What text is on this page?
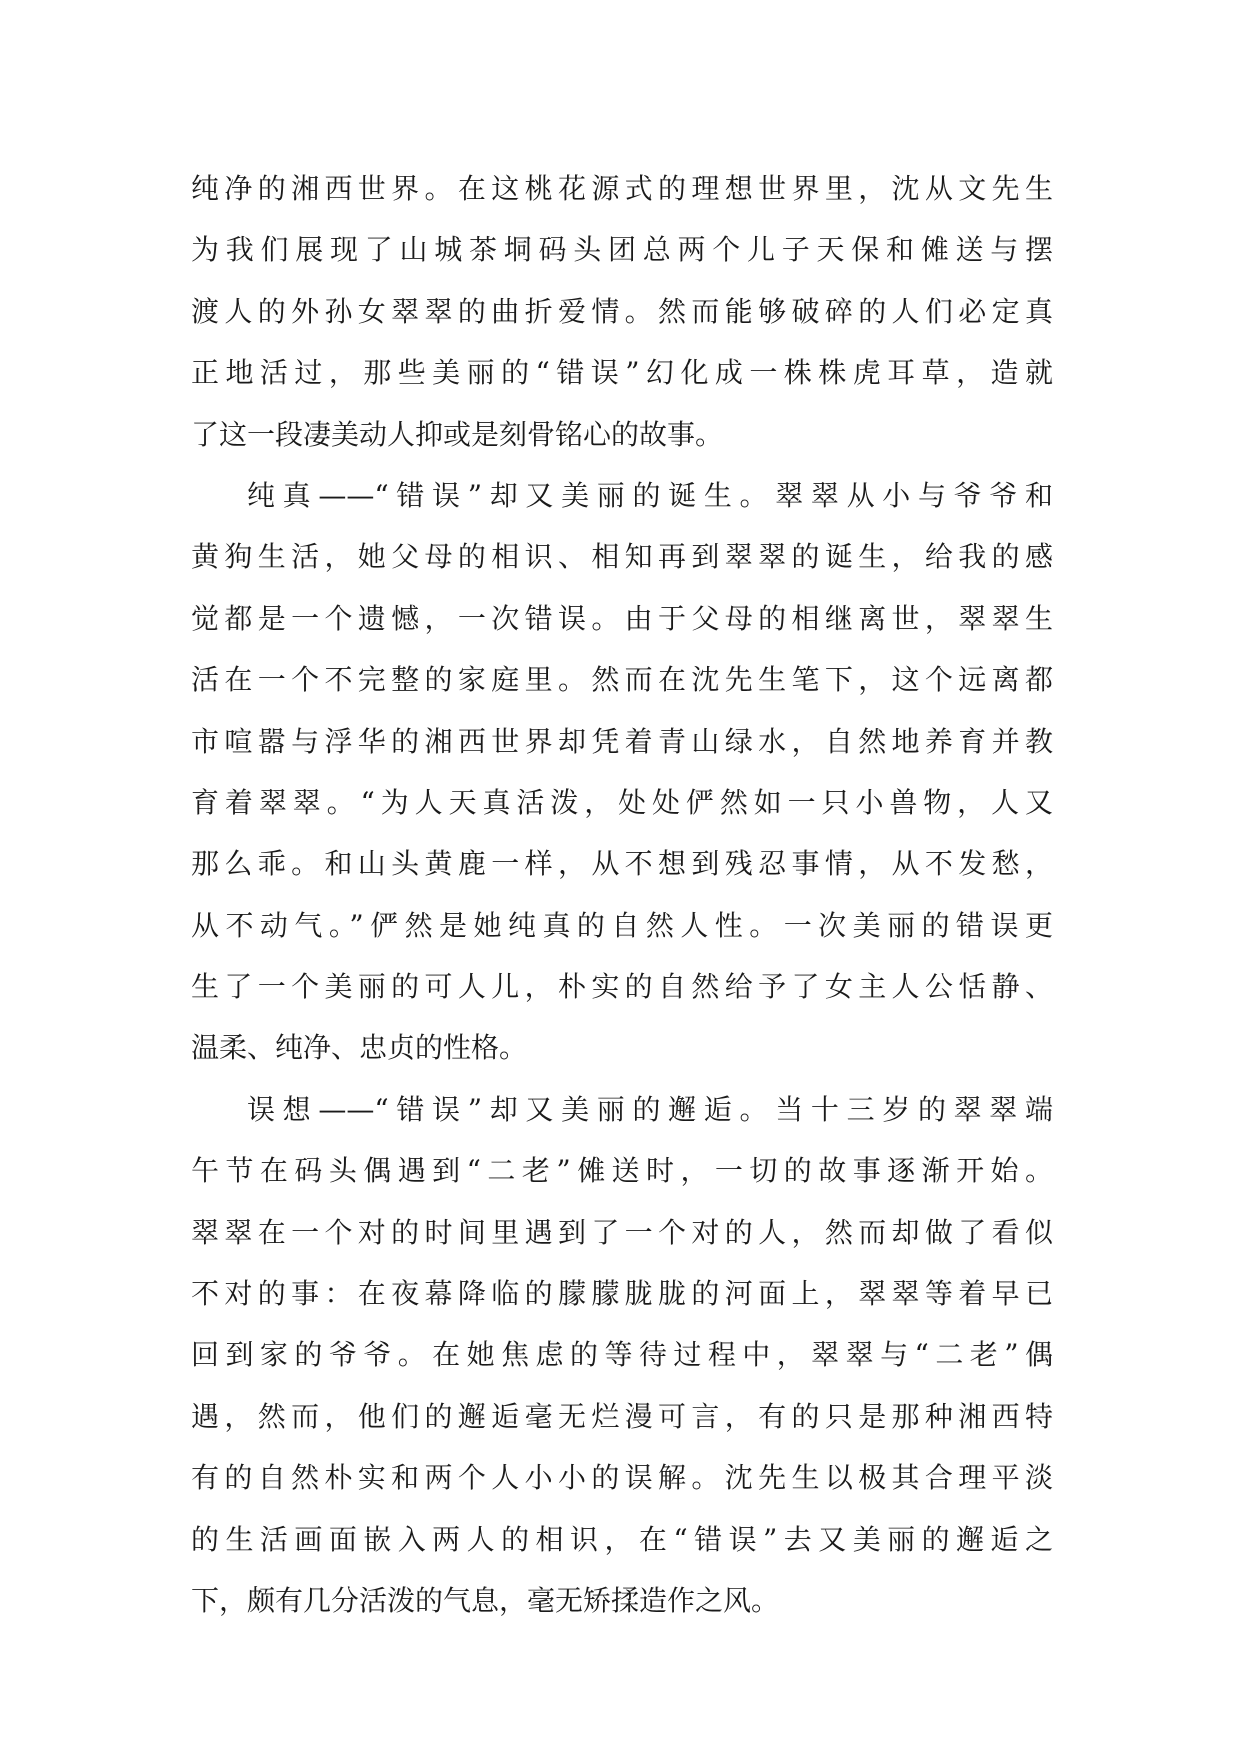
纯净的湘西世界。在这桃花源式的理想世界里，沈从文先生
为我们展现了山城茶垌码头团总两个儿子天保和傩送与摆
渡人的外孙女翠翠的曲折爱情。然而能够破碎的人们必定真
正地活过，那些美丽的“错误”幻化成一株株虎耳草，造就
了这一段凄美动人抑或是刻骨铭心的故事。
纯真——“错误”却又美丽的诞生。翠翠从小与爷爷和
黄狗生活，她父母的相识、相知再到翠翠的诞生，给我的感
觉都是一个遗憾，一次错误。由于父母的相继离世，翠翠生
活在一个不完整的家庭里。然而在沈先生笔下，这个远离都
市喧嚣与浮华的湘西世界却凭着青山绿水，自然地养育并教
育着翠翠。“为人天真活泼，处处俨然如一只小兽物，人又
那么乖。和山头黄鹿一样，从不想到残忍事情，从不发愁，
从不动气。”俨然是她纯真的自然人性。一次美丽的错误更
生了一个美丽的可人儿，朴实的自然给予了女主人公恬静、
温柔、纯净、忠贞的性格。
误想——“错误”却又美丽的邂逅。当十三岁的翠翠端
午节在码头偶遇到“二老”傩送时，一切的故事逐渐开始。
翠翠在一个对的时间里遇到了一个对的人，然而却做了看似
不对的事：在夜幕降临的朦朦胧胧的河面上，翠翠等着早已
回到家的爷爷。在她焦虑的等待过程中，翠翠与“二老”偶
遇，然而，他们的邂逅毫无烂漫可言，有的只是那种湘西特
有的自然朴实和两个人小小的误解。沈先生以极其合理平淡
的生活画面嵌入两人的相识，在“错误”去又美丽的邂逅之
下，颇有几分活泼的气息，毫无矫揉造作之风。
